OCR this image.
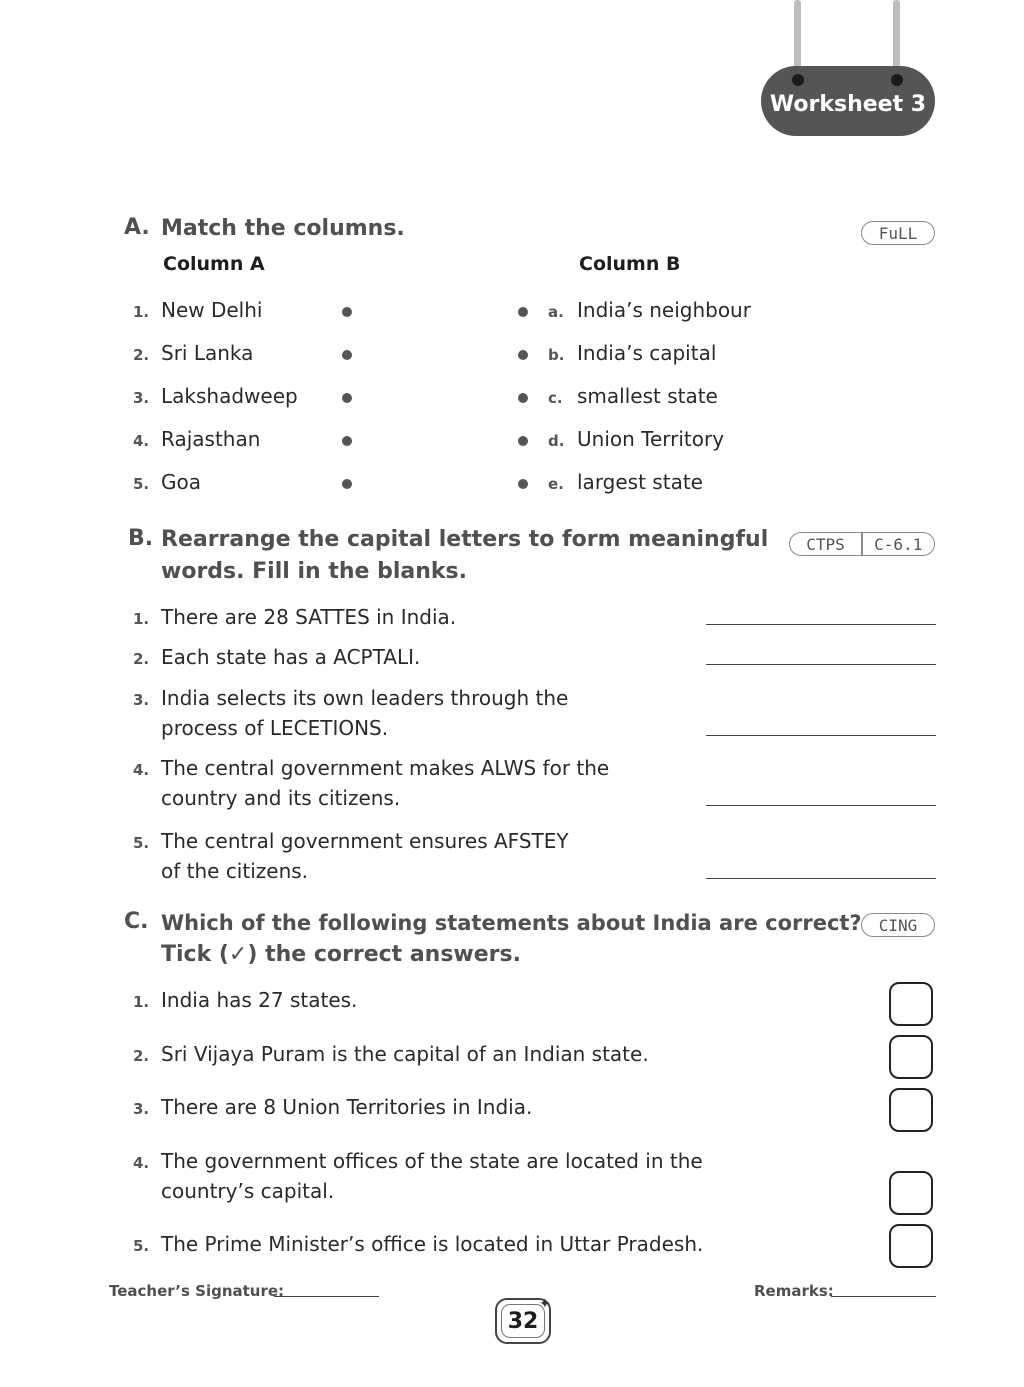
Worksheet 3
A. Match the columns.	FuLL
Column A	Column B
1. New Delhi	a. India’s neighbour
2. Sri Lanka	b. India’s capital
3. Lakshadweep	c. smallest state
4. Rajasthan	d. Union Territory
5. Goa	e. largest state
B. Rearrange the capital letters to form meaningful
words. Fill in the blanks.
CTPS	C-6.1
1. There are 28 SATTES in India.
2. Each state has a ACPTALI.
3. India selects its own leaders through the
process of LECETIONS.
4. The central government makes ALWS for the
country and its citizens.
5. The central government ensures AFSTEY
of the citizens.
C. Which of the following statements about India are correct?
Tick (✓) the correct answers.
CING
1. India has 27 states.
2. Sri Vijaya Puram is the capital of an Indian state.
3. There are 8 Union Territories in India.
4. The government offices of the state are located in the
country’s capital.
5. The Prime Minister’s office is located in Uttar Pradesh.
Teacher’s Signature:	Remarks:
32
✦
